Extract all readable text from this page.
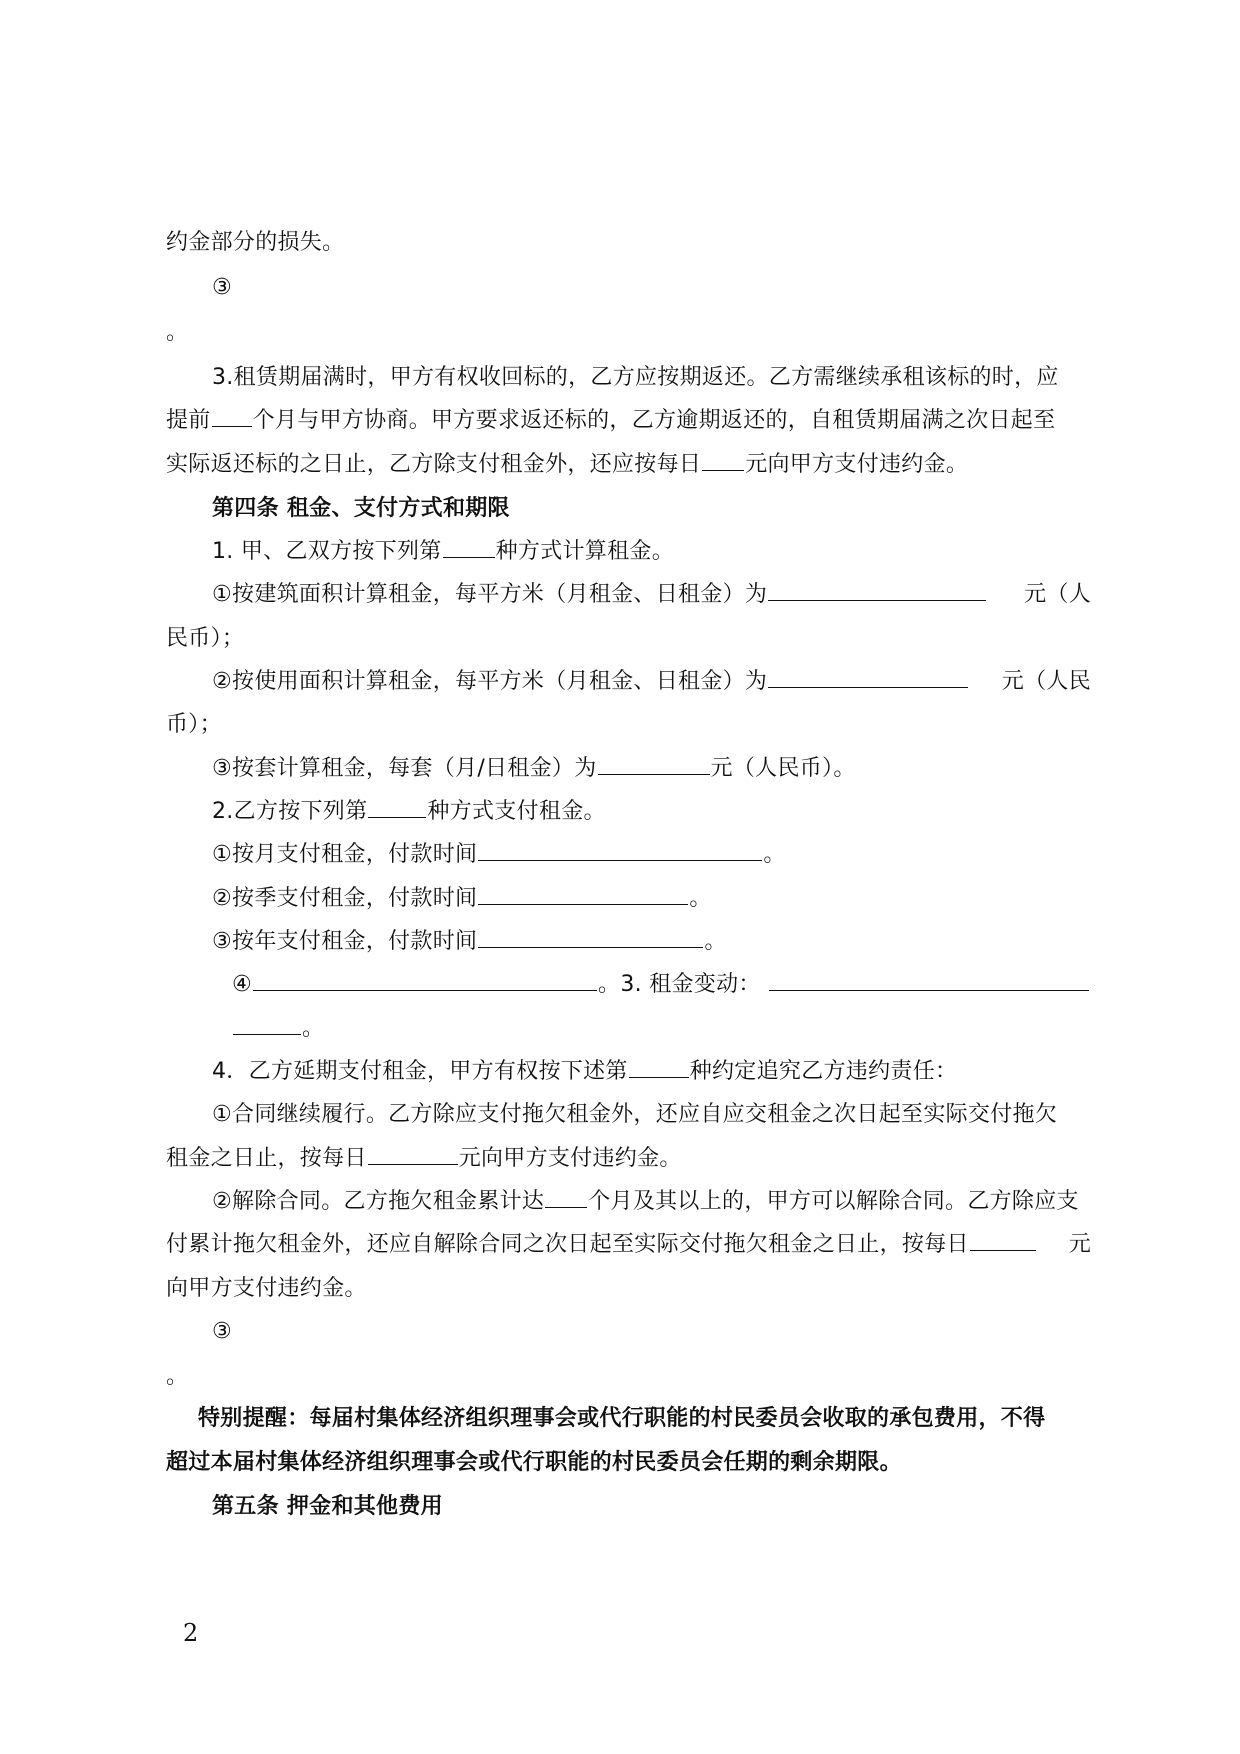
约金部分的损失。
③
。
3.租赁期届满时，甲方有权收回标的，乙方应按期返还。乙方需继续承租该标的时，应
提前 个月与甲方协商。甲方要求返还标的，乙方逾期返还的，自租赁期届满之次日起至
实际返还标的之日止，乙方除支付租金外，还应按每日 元向甲方支付违约金。
第四条 租金、支付方式和期限
1. 甲、乙双方按下列第 种方式计算租金。
①按建筑面积计算租金，每平方米（月租金、日租金）为	元（人
民币）；
②按使用面积计算租金，每平方米（月租金、日租金）为	元（人民
币）；
③按套计算租金，每套（月/日租金）为	元（人民币）。
2.乙方按下列第	种方式支付租金。
①按月支付租金，付款时间	。
②按季支付租金，付款时间	。
③按年支付租金，付款时间	。
④	。3. 租金变动：
。
4．乙方延期支付租金，甲方有权按下述第	种约定追究乙方违约责任：
①合同继续履行。乙方除应支付拖欠租金外，还应自应交租金之次日起至实际交付拖欠
租金之日止，按每日	元向甲方支付违约金。
②解除合同。乙方拖欠租金累计达 个月及其以上的，甲方可以解除合同。乙方除应支
付累计拖欠租金外，还应自解除合同之次日起至实际交付拖欠租金之日止，按每日	元
向甲方支付违约金。
③
。
特别提醒：每届村集体经济组织理事会或代行职能的村民委员会收取的承包费用，不得
超过本届村集体经济组织理事会或代行职能的村民委员会任期的剩余期限。
第五条 押金和其他费用
2
